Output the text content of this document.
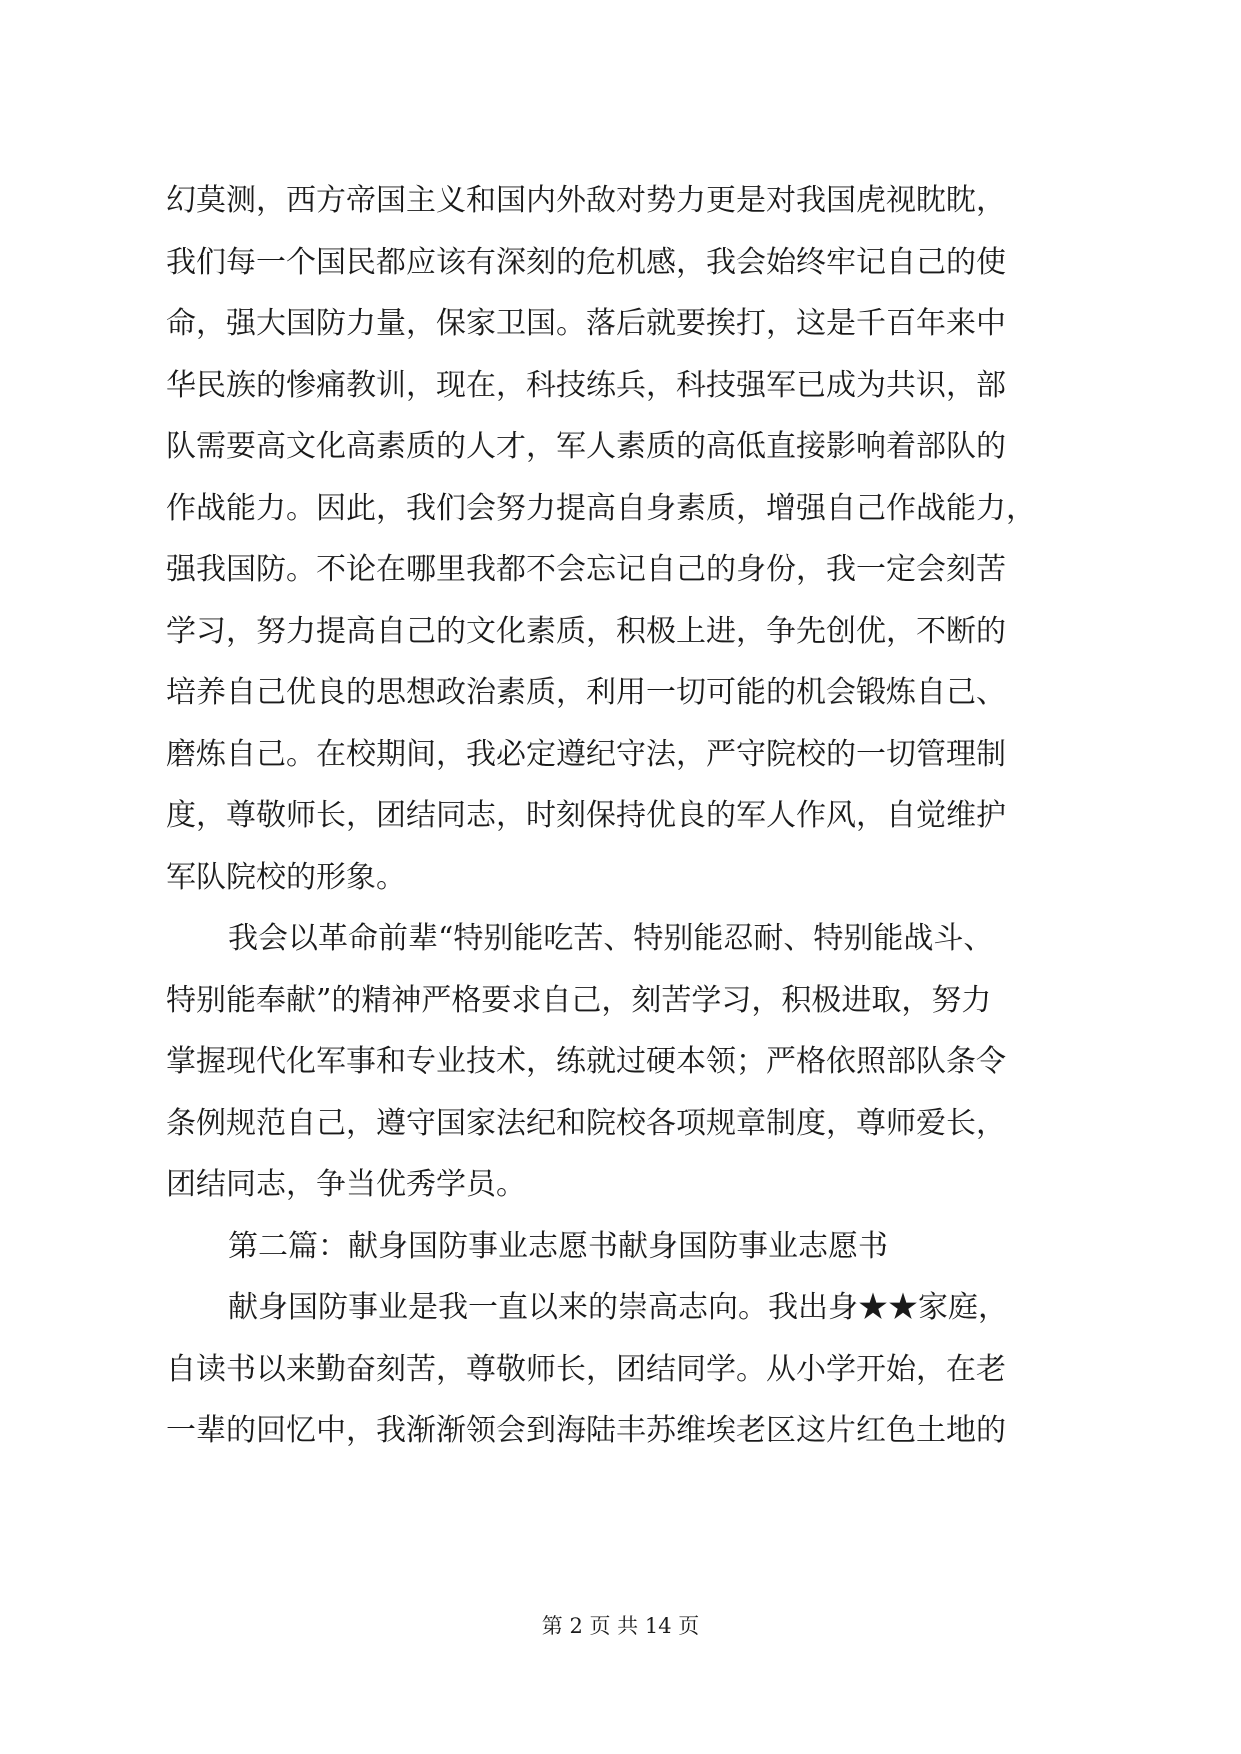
幻莫测，西方帝国主义和国内外敌对势力更是对我国虎视眈眈，
我们每一个国民都应该有深刻的危机感，我会始终牢记自己的使
命，强大国防力量，保家卫国。落后就要挨打，这是千百年来中
华民族的惨痛教训，现在，科技练兵，科技强军已成为共识，部
队需要高文化高素质的人才，军人素质的高低直接影响着部队的
作战能力。因此，我们会努力提高自身素质，增强自己作战能力，
强我国防。不论在哪里我都不会忘记自己的身份，我一定会刻苦
学习，努力提高自己的文化素质，积极上进，争先创优，不断的
培养自己优良的思想政治素质，利用一切可能的机会锻炼自己、
磨炼自己。在校期间，我必定遵纪守法，严守院校的一切管理制
度，尊敬师长，团结同志，时刻保持优良的军人作风，自觉维护
军队院校的形象。
我会以革命前辈“特别能吃苦、特别能忍耐、特别能战斗、
特别能奉献”的精神严格要求自己，刻苦学习，积极进取，努力
掌握现代化军事和专业技术，练就过硬本领；严格依照部队条令
条例规范自己，遵守国家法纪和院校各项规章制度，尊师爱长，
团结同志，争当优秀学员。
第二篇：献身国防事业志愿书献身国防事业志愿书
献身国防事业是我一直以来的崇高志向。我出身★★家庭，
自读书以来勤奋刻苦，尊敬师长，团结同学。从小学开始，在老
一辈的回忆中，我渐渐领会到海陆丰苏维埃老区这片红色土地的
第 2 页 共 14 页
